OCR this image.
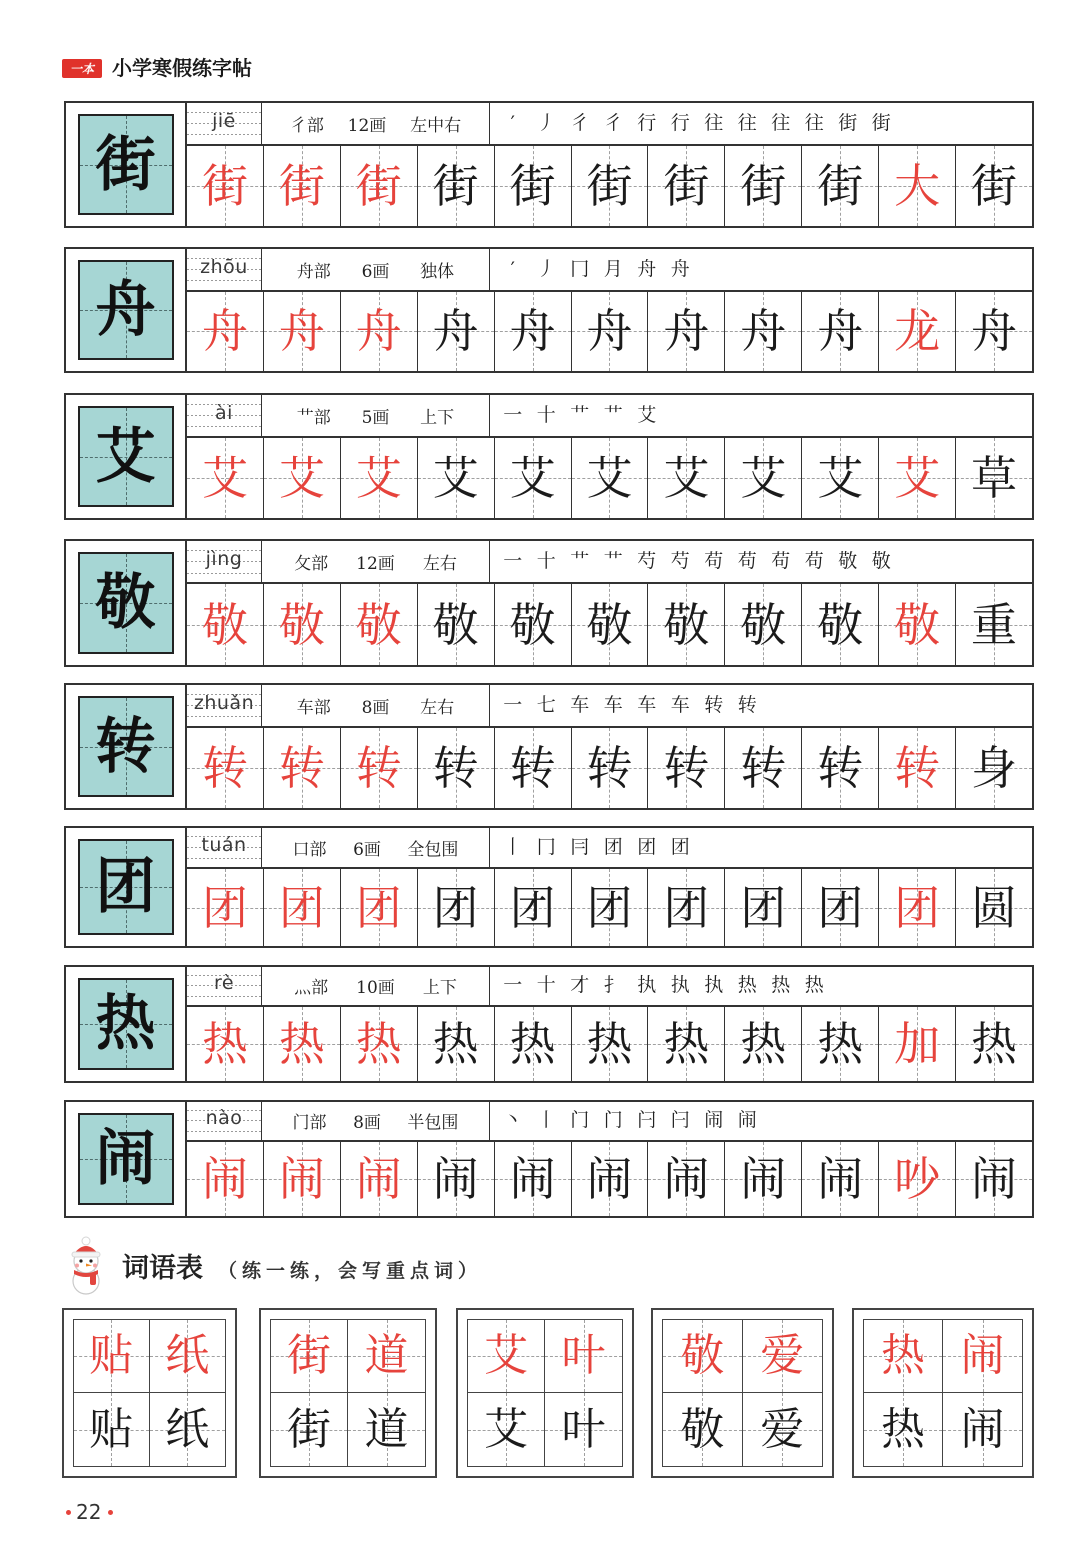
一本 小学寒假练字帖
街
jiē	彳部 12画 左中右	′	丿 彳 彳 行 行 往 往 往 往 街 街
街 街 街 街 街 街 街 街 街 大 街
舟
zhōu	舟部 6画 独体	′	丿 冂 月 舟 舟
舟 舟 舟 舟 舟 舟 舟 舟 舟 龙 舟
艾
ài	艹部 5画 上下	一 十 艹 艹 艾
艾 艾 艾 艾 艾 艾 艾 艾 艾 艾 草
敬
jìng	攵部 12画 左右	一 十 艹 艹 芍 芍 苟 苟 苟 苟 敬 敬
敬 敬 敬 敬 敬 敬 敬 敬 敬 敬 重
转
zhuǎn	车部 8画 左右	一 七 车 车 车 车 转 转
转 转 转 转 转 转 转 转 转 转 身
团
tuán	口部 6画 全包围	丨 冂 冃 团 团 团
团 团 团 团 团 团 团 团 团 团 圆
热
rè	灬部 10画 上下	一 十 才 扌 执 执 执 热 热 热
热 热 热 热 热 热 热 热 热 加 热
闹
nào	门部 8画 半包围	丶 丨 门 门 闩 闩 闹 闹
闹 闹 闹 闹 闹 闹 闹 闹 闹 吵 闹
词语表 （练一练，会写重点词）
贴 纸
贴 纸
街 道
街 道
艾 叶
艾 叶
敬 爱
敬 爱
热 闹
热 闹
22
